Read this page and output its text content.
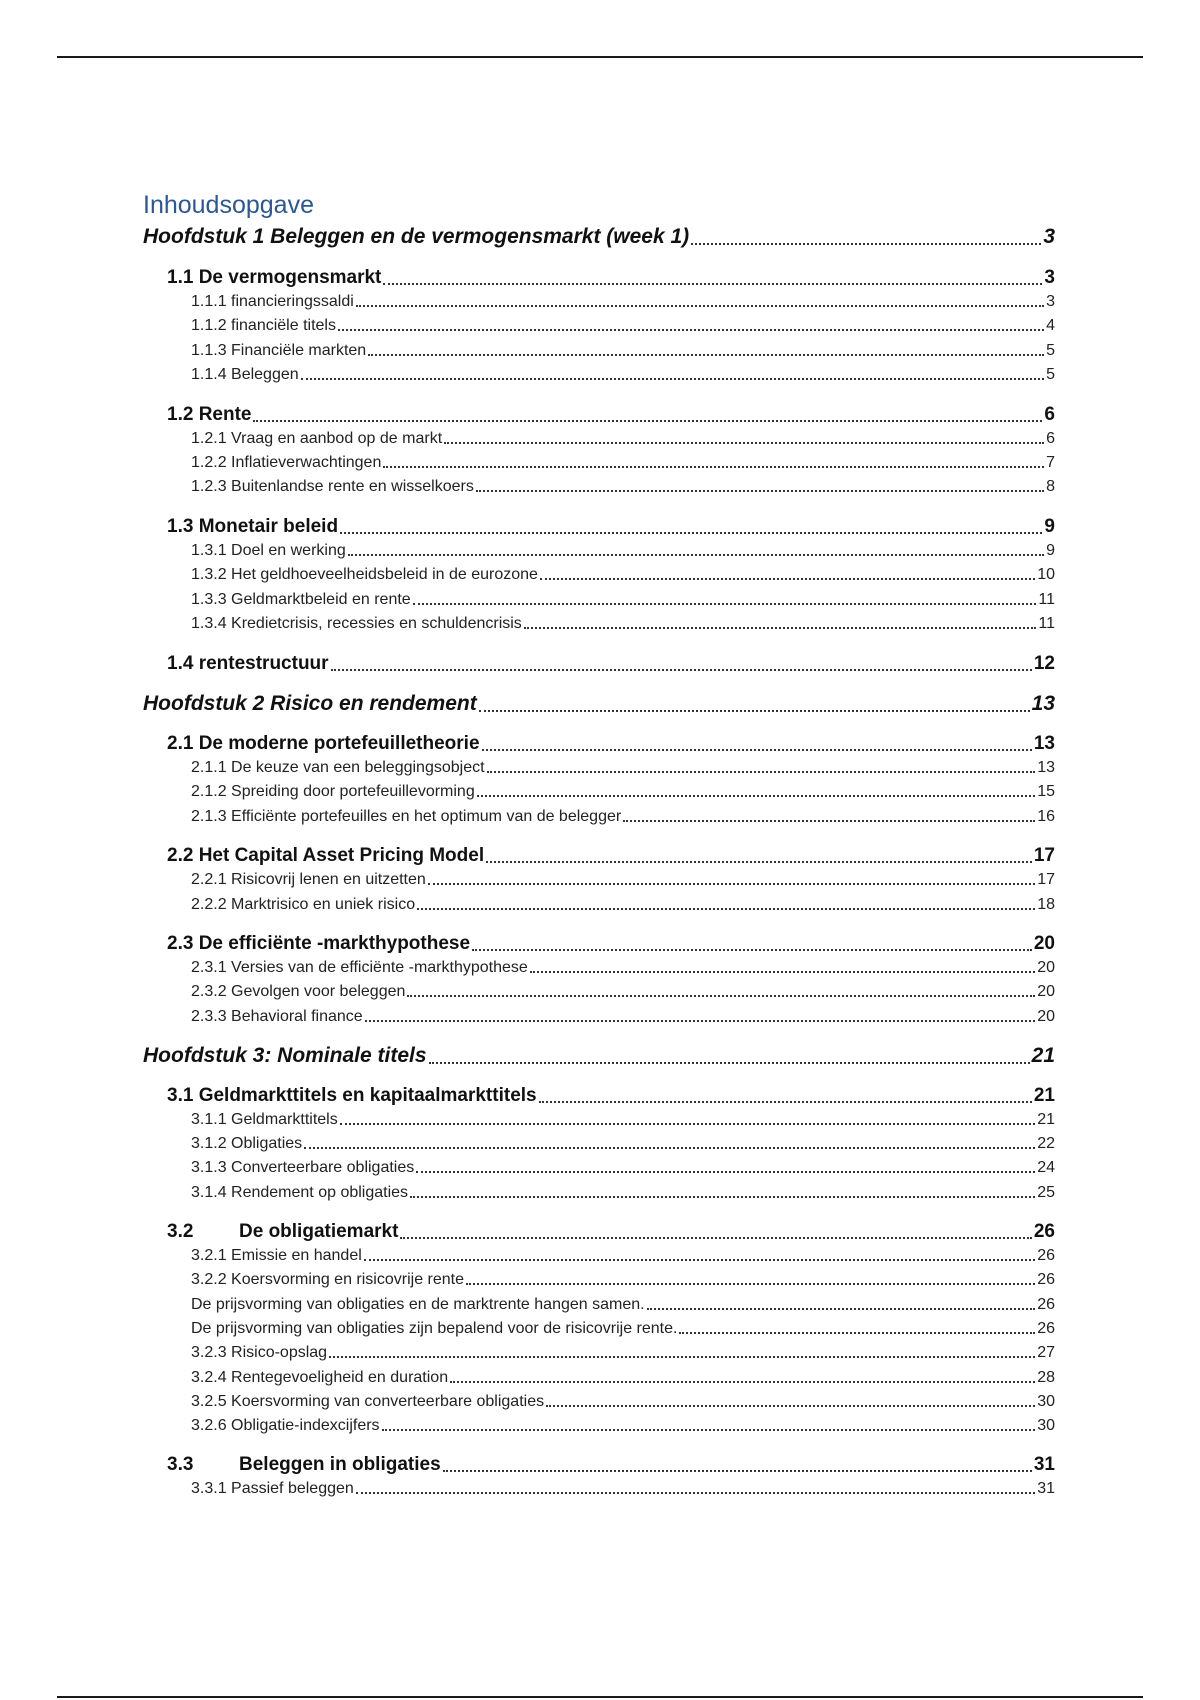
Inhoudsopgave
Hoofdstuk 1 Beleggen en de vermogensmarkt (week 1)	3
1.1 De vermogensmarkt	3
1.1.1 financieringssaldi	3
1.1.2 financiële titels	4
1.1.3 Financiële markten	5
1.1.4 Beleggen	5
1.2 Rente	6
1.2.1 Vraag en aanbod op de markt	6
1.2.2 Inflatieverwachtingen	7
1.2.3 Buitenlandse rente en wisselkoers	8
1.3 Monetair beleid	9
1.3.1 Doel en werking	9
1.3.2 Het geldhoeveelheidsbeleid in de eurozone	10
1.3.3 Geldmarktbeleid en rente	11
1.3.4 Kredietcrisis, recessies en schuldencrisis	11
1.4 rentestructuur	12
Hoofdstuk 2 Risico en rendement	13
2.1 De moderne portefeuilletheorie	13
2.1.1 De keuze van een beleggingsobject	13
2.1.2 Spreiding door portefeuillevorming	15
2.1.3 Efficiënte portefeuilles en het optimum van de belegger	16
2.2 Het Capital Asset Pricing Model	17
2.2.1 Risicovrij lenen en uitzetten	17
2.2.2 Marktrisico en uniek risico	18
2.3 De efficiënte -markthypothese	20
2.3.1 Versies van de efficiënte -markthypothese	20
2.3.2 Gevolgen voor beleggen	20
2.3.3 Behavioral finance	20
Hoofdstuk 3: Nominale titels	21
3.1 Geldmarkttitels en kapitaalmarkttitels	21
3.1.1 Geldmarkttitels	21
3.1.2 Obligaties	22
3.1.3 Converteerbare obligaties	24
3.1.4 Rendement op obligaties	25
3.2	De obligatiemarkt	26
3.2.1 Emissie en handel	26
3.2.2 Koersvorming en risicovrije rente	26
De prijsvorming van obligaties en de marktrente hangen samen.	26
De prijsvorming van obligaties zijn bepalend voor de risicovrije rente.	26
3.2.3 Risico-opslag	27
3.2.4 Rentegevoeligheid en duration	28
3.2.5 Koersvorming van converteerbare obligaties	30
3.2.6 Obligatie-indexcijfers	30
3.3	Beleggen in obligaties	31
3.3.1 Passief beleggen	31
